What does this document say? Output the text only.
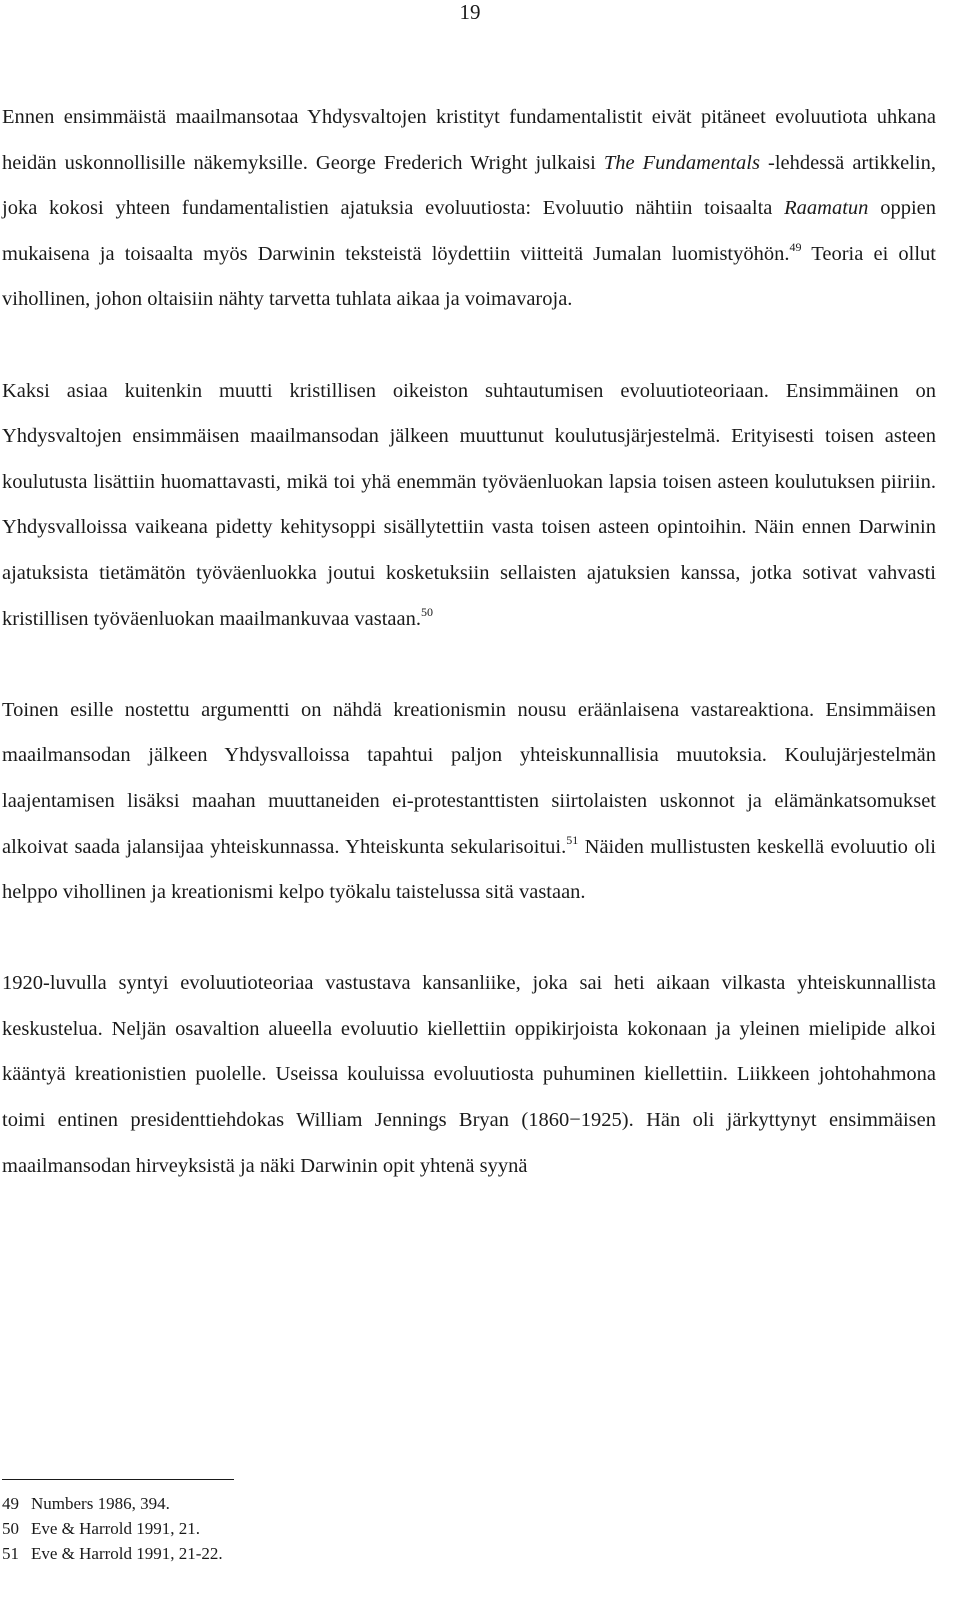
19

Ennen ensimmäistä maailmansotaa Yhdysvaltojen kristityt fundamentalistit eivät pitäneet evoluutiota uhkana heidän uskonnollisille näkemyksille. George Frederich Wright julkaisi The Fundamentals -lehdessä artikkelin, joka kokosi yhteen fundamentalistien ajatuksia evoluutiosta: Evoluutio nähtiin toisaalta Raamatun oppien mukaisena ja toisaalta myös Darwinin teksteistä löydettiin viitteitä Jumalan luomistyöhön.$^{49}$ Teoria ei ollut vihollinen, johon oltaisiin nähty tarvetta tuhlata aikaa ja voimavaroja.

Kaksi asiaa kuitenkin muutti kristillisen oikeiston suhtautumisen evoluutioteoriaan. Ensimmäinen on Yhdysvaltojen ensimmäisen maailmansodan jälkeen muuttunut koulutusjärjestelmä. Erityisesti toisen asteen koulutusta lisättiin huomattavasti, mikä toi yhä enemmän työväenluokan lapsia toisen asteen koulutuksen piiriin. Yhdysvalloissa vaikeana pidetty kehitysoppi sisällytettiin vasta toisen asteen opintoihin. Näin ennen Darwinin ajatuksista tietämätön työväenluokka joutui kosketuksiin sellaisten ajatuksien kanssa, jotka sotivat vahvasti kristillisen työväenluokan maailmankuvaa vastaan.$^{50}$

Toinen esille nostettu argumentti on nähdä kreationismin nousu eräänlaisena vastareaktiona. Ensimmäisen maailmansodan jälkeen Yhdysvalloissa tapahtui paljon yhteiskunnallisia muutoksia. Koulujärjestelmän laajentamisen lisäksi maahan muuttaneiden ei-protestanttisten siirtolaisten uskonnot ja elämänkatsomukset alkoivat saada jalansijaa yhteiskunnassa. Yhteiskunta sekularisoitui.$^{51}$ Näiden mullistusten keskellä evoluutio oli helppo vihollinen ja kreationismi kelpo työkalu taistelussa sitä vastaan.

1920-luvulla syntyi evoluutioteoriaa vastustava kansanliike, joka sai heti aikaan vilkasta yhteiskunnallista keskustelua. Neljän osavaltion alueella evoluutio kiellettiin oppikirjoista kokonaan ja yleinen mielipide alkoi kääntyä kreationistien puolelle. Useissa kouluissa evoluutiosta puhuminen kiellettiin. Liikkeen johtohahmona toimi entinen presidenttiehdokas William Jennings Bryan (1860−1925). Hän oli järkyttynyt ensimmäisen maailmansodan hirveyksistä ja näki Darwinin opit yhtenä syynä

49 Numbers 1986, 394.
50 Eve & Harrold 1991, 21.
51 Eve & Harrold 1991, 21-22.
